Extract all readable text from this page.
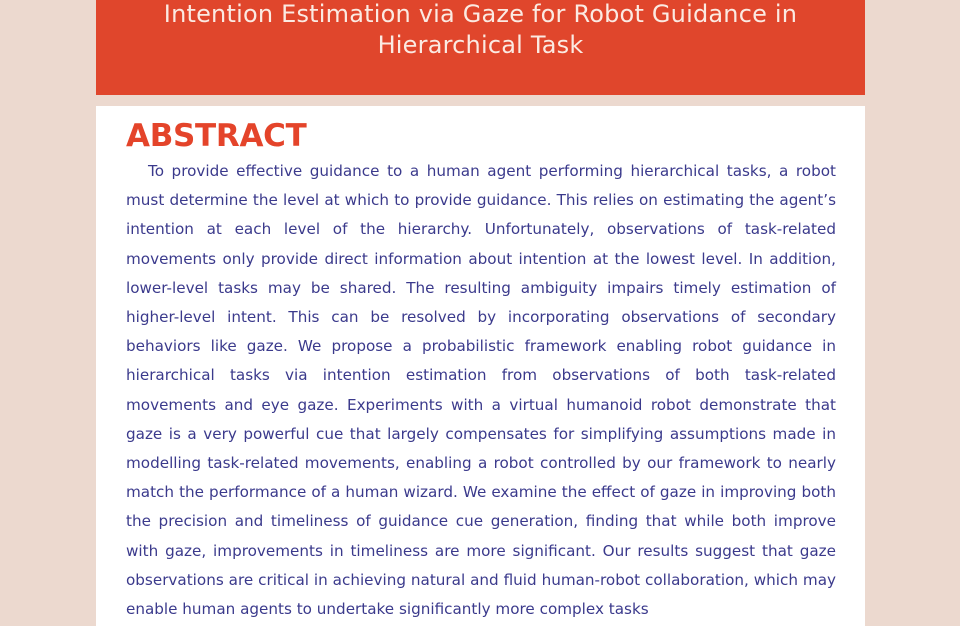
Intention Estimation via Gaze for Robot Guidance in Hierarchical Task
ABSTRACT

To provide effective guidance to a human agent performing hierarchical tasks, a robot must determine the level at which to provide guidance. This relies on estimating the agent’s intention at each level of the hierarchy. Unfortunately, observations of task-related movements only provide direct information about intention at the lowest level. In addition, lower-level tasks may be shared. The resulting ambiguity impairs timely estimation of higher-level intent. This can be resolved by incorporating observations of secondary behaviors like gaze. We propose a probabilistic framework enabling robot guidance in hierarchical tasks via intention estimation from observations of both task-related movements and eye gaze. Experiments with a virtual humanoid robot demonstrate that gaze is a very powerful cue that largely compensates for simplifying assumptions made in modelling task-related movements, enabling a robot controlled by our framework to nearly match the performance of a human wizard. We examine the effect of gaze in improving both the precision and timeliness of guidance cue generation, finding that while both improve with gaze, improvements in timeliness are more significant. Our results suggest that gaze observations are critical in achieving natural and fluid human-robot collaboration, which may enable human agents to undertake significantly more complex tasks
